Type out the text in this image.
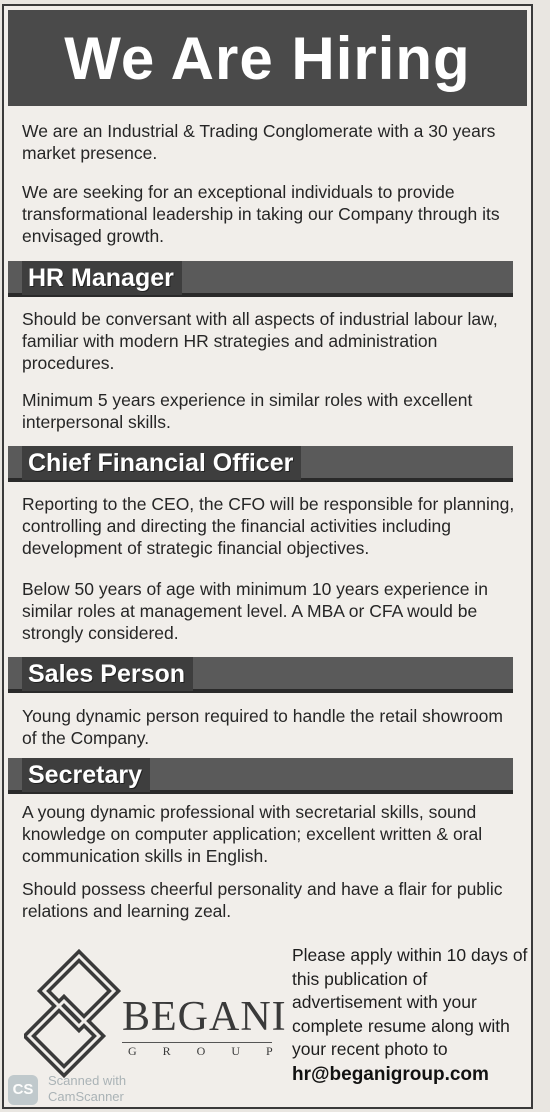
We Are Hiring

We are an Industrial & Trading Conglomerate with a 30 years market presence.

We are seeking for an exceptional individuals to provide transformational leadership in taking our Company through its envisaged growth.

HR Manager

Should be conversant with all aspects of industrial labour law, familiar with modern HR strategies and administration procedures.

Minimum 5 years experience in similar roles with excellent interpersonal skills.

Chief Financial Officer

Reporting to the CEO, the CFO will be responsible for planning, controlling and directing the financial activities including development of strategic financial objectives.

Below 50 years of age with minimum 10 years experience in similar roles at management level. A MBA or CFA would be strongly considered.

Sales Person

Young dynamic person required to handle the retail showroom of the Company.

Secretary

A young dynamic professional with secretarial skills, sound knowledge on computer application; excellent written & oral communication skills in English.

Should possess cheerful personality and have a flair for public relations and learning zeal.

BEGANI
GROUP

Please apply within 10 days of this publication of advertisement with your complete resume along with your recent photo to

hr@beganigroup.com

CS
Scanned with
CamScanner
